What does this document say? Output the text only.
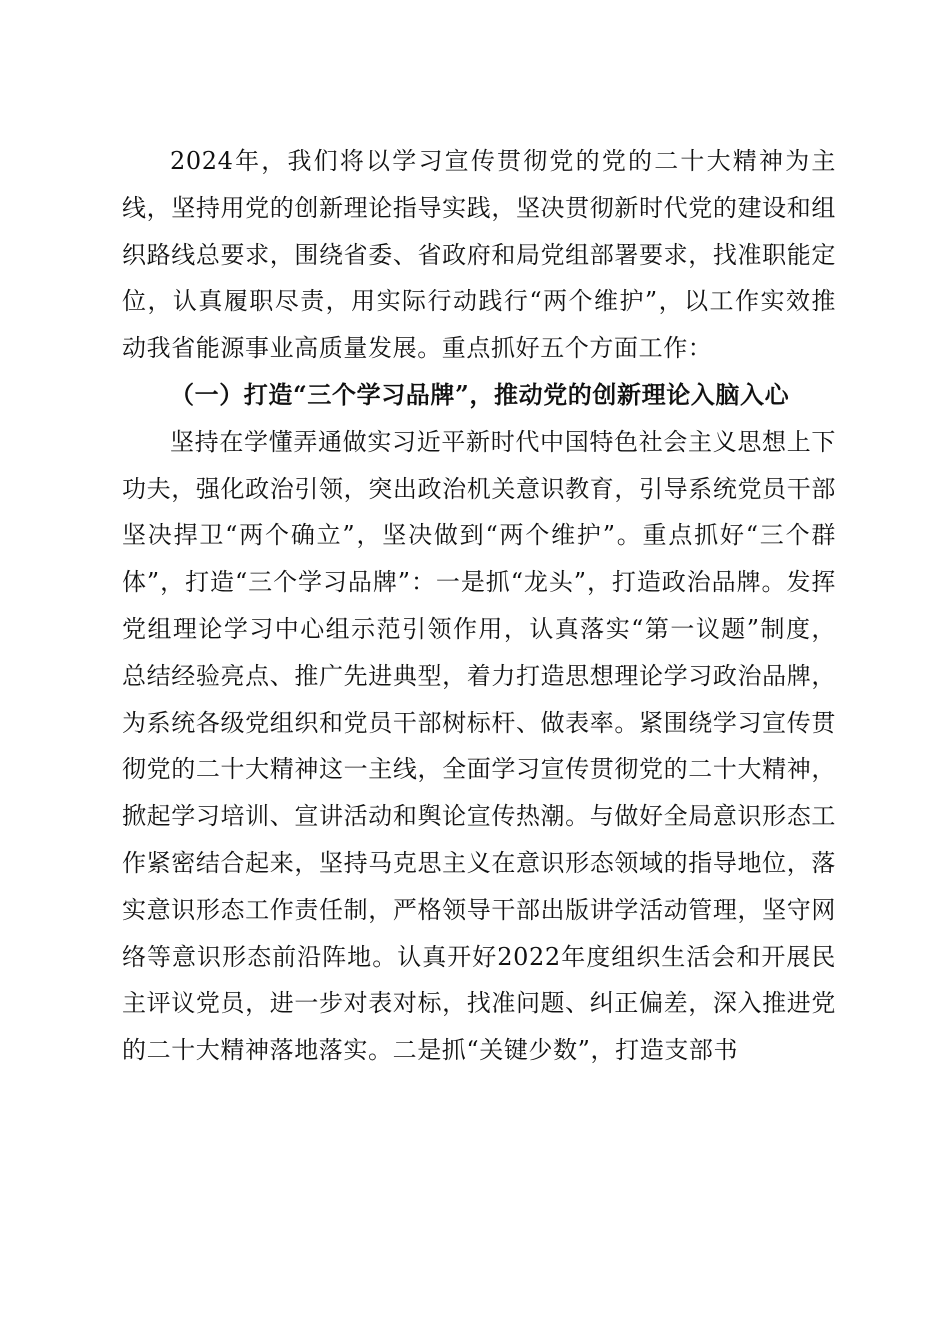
2024年，我们将以学习宣传贯彻党的党的二十大精神为主线，坚持用党的创新理论指导实践，坚决贯彻新时代党的建设和组织路线总要求，围绕省委、省政府和局党组部署要求，找准职能定位，认真履职尽责，用实际行动践行“两个维护”，以工作实效推动我省能源事业高质量发展。重点抓好五个方面工作：

（一）打造“三个学习品牌”，推动党的创新理论入脑入心

坚持在学懂弄通做实习近平新时代中国特色社会主义思想上下功夫，强化政治引领，突出政治机关意识教育，引导系统党员干部坚决捍卫“两个确立”，坚决做到“两个维护”。重点抓好“三个群体”，打造“三个学习品牌”：一是抓“龙头”，打造政治品牌。发挥党组理论学习中心组示范引领作用，认真落实“第一议题”制度，总结经验亮点、推广先进典型，着力打造思想理论学习政治品牌，为系统各级党组织和党员干部树标杆、做表率。紧围绕学习宣传贯彻党的二十大精神这一主线，全面学习宣传贯彻党的二十大精神，掀起学习培训、宣讲活动和舆论宣传热潮。与做好全局意识形态工作紧密结合起来，坚持马克思主义在意识形态领域的指导地位，落实意识形态工作责任制，严格领导干部出版讲学活动管理，坚守网络等意识形态前沿阵地。认真开好2022年度组织生活会和开展民主评议党员，进一步对表对标，找准问题、纠正偏差，深入推进党的二十大精神落地落实。二是抓“关键少数”，打造支部书
